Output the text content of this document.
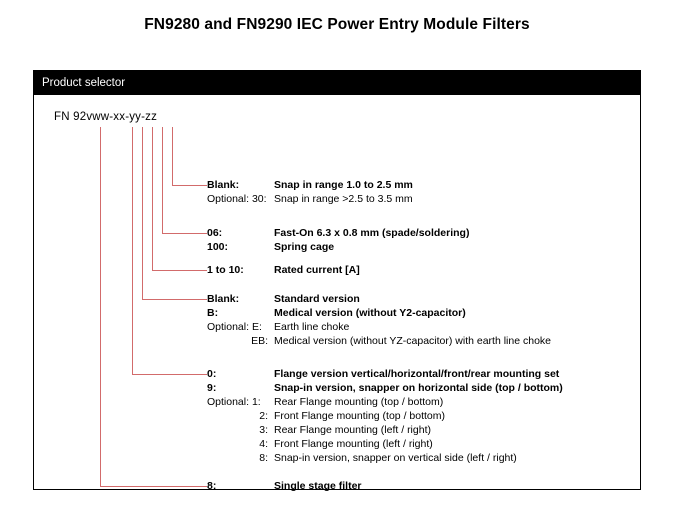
FN9280 and FN9290 IEC Power Entry Module Filters
Product selector
FN 92vww-xx-yy-zz
Blank:	Snap in range 1.0 to 2.5 mm
Optional: 30: Snap in range >2.5 to 3.5 mm
06:	Fast-On 6.3 x 0.8 mm (spade/soldering)
100:	Spring cage
1 to 10:	Rated current [A]
Blank:	Standard version
B:	Medical version (without Y2-capacitor)
Optional: E:	Earth line choke
EB: Medical version (without YZ-capacitor) with earth line choke
0:	Flange version vertical/horizontal/front/rear mounting set
9:	Snap-in version, snapper on horizontal side (top / bottom)
Optional: 1:	Rear Flange mounting (top / bottom)
2: Front Flange mounting (top / bottom)
3: Rear Flange mounting (left / right)
4: Front Flange mounting (left / right)
8: Snap-in version, snapper on vertical side (left / right)
8:	Single stage filter
